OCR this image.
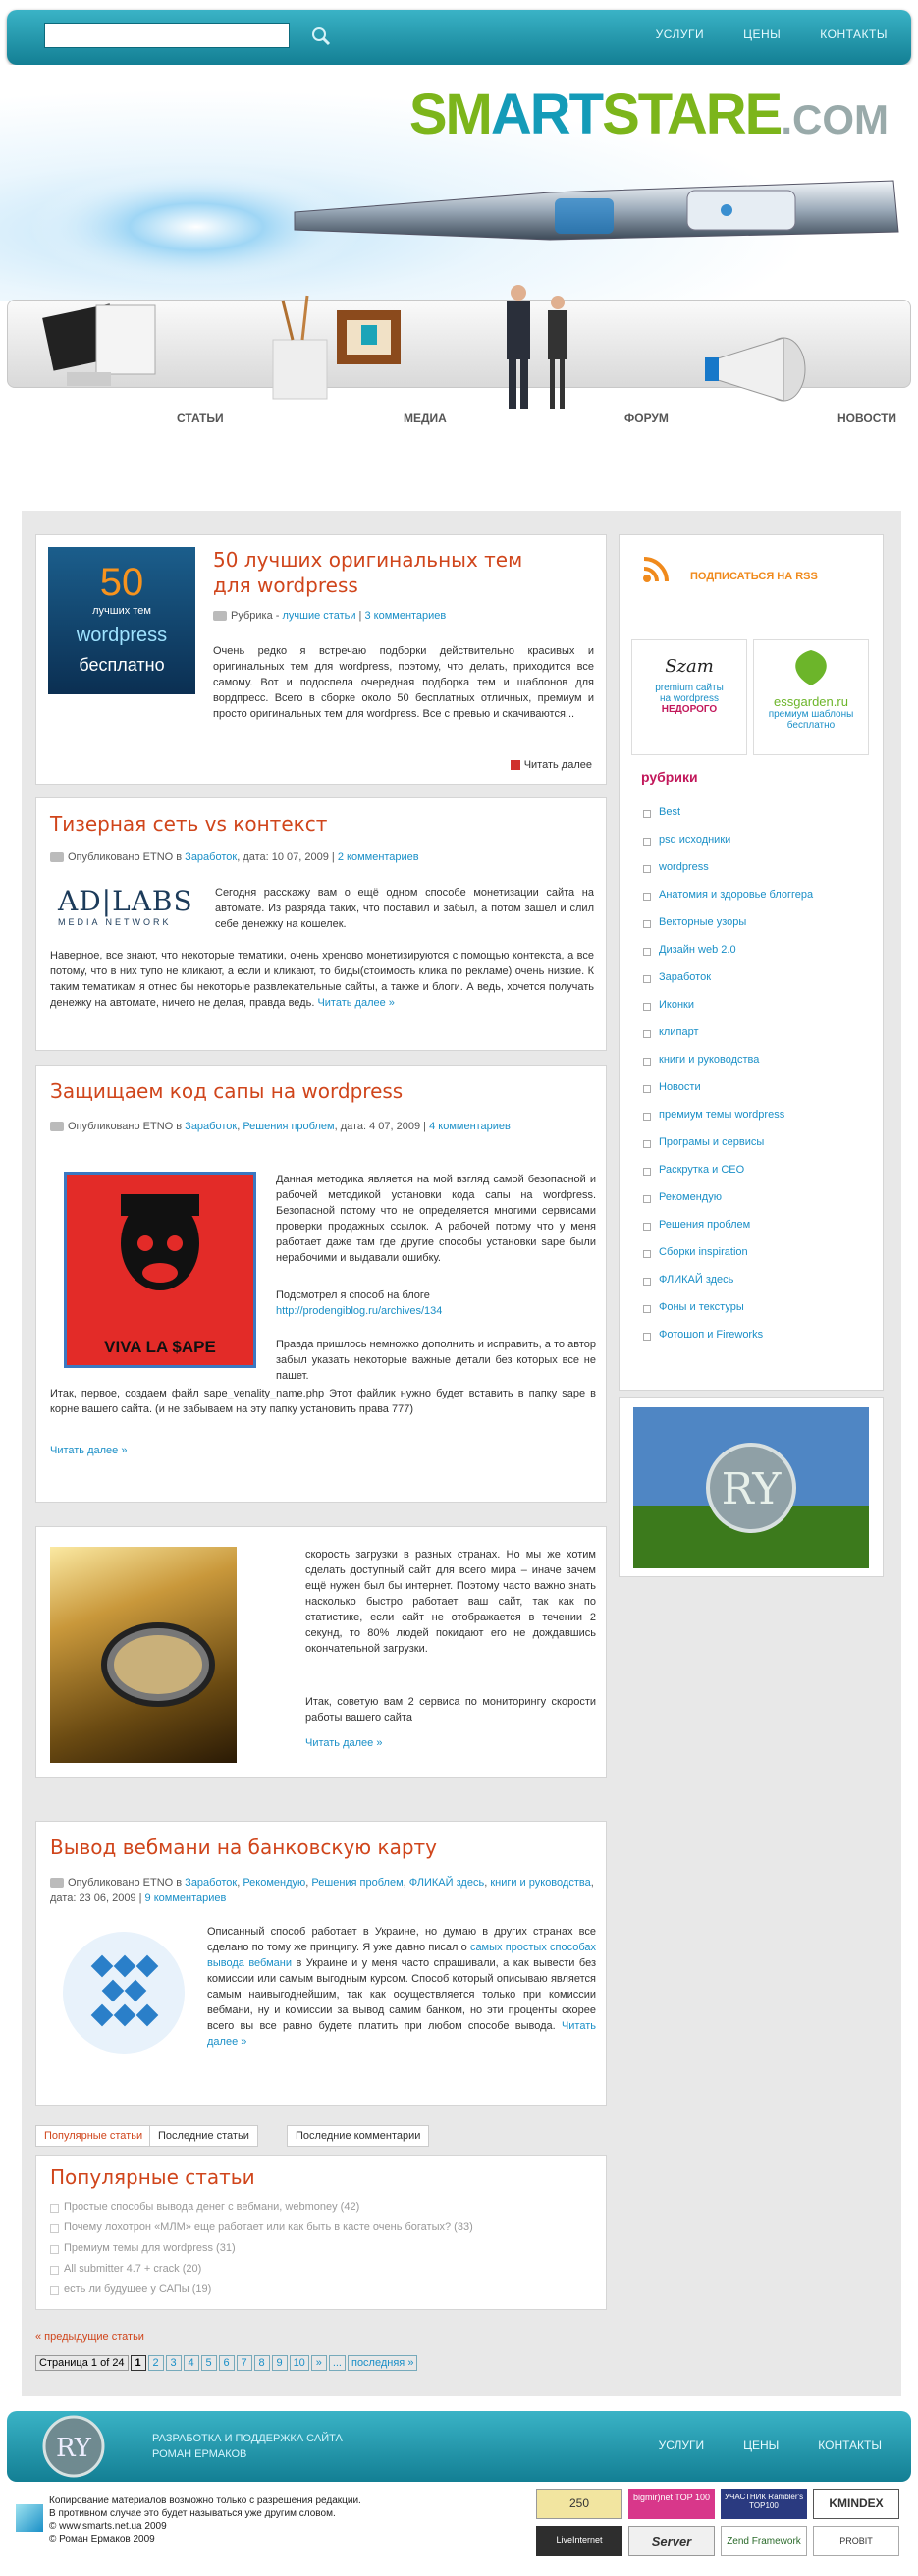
УСЛУГИ	ЦЕНЫ	КОНТАКТЫ
SMARTSTARE.COM
СТАТЬИ	МЕДИА	ФОРУМ	НОВОСТИ
50
лучших тем
wordpress
бесплатно
50 лучших оригинальных тем для wordpress
Рубрика - лучшие статьи | 3 комментариев
Очень редко я встречаю подборки действительно красивых и оригинальных тем для wordpress, поэтому, что делать, приходится все самому. Вот и подоспела очередная подборка тем и шаблонов для вордпресс. Всего в сборке около 50 бесплатных отличных, премиум и просто оригинальных тем для wordpress. Все с превью и скачиваются...
Читать далее
Тизерная сеть vs контекст
Опубликовано ETNO в Заработок, дата: 10 07, 2009 | 2 комментариев
AD|LABS
MEDIA NETWORK
Сегодня расскажу вам о ещё одном способе монетизации сайта на автомате. Из разряда таких, что поставил и забыл, а потом зашел и слил себе денежку на кошелек.
Наверное, все знают, что некоторые тематики, очень хреново монетизируются с помощью контекста, а все потому, что в них тупо не кликают, а если и кликают, то биды(стоимость клика по рекламе) очень низкие. К таким тематикам я отнес бы некоторые развлекательные сайты, а также и блоги. А ведь, хочется получать денежку на автомате, ничего не делая, правда ведь. Читать далее »
Защищаем код сапы на wordpress
Опубликовано ETNO в Заработок, Решения проблем, дата: 4 07, 2009 | 4 комментариев
VIVA LA $APE
Данная методика является на мой взгляд самой безопасной и рабочей методикой установки кода сапы на wordpress. Безопасной потому что не определяется многими сервисами проверки продажных ссылок. А рабочей потому что у меня работает даже там где другие способы установки sape были нерабочими и выдавали ошибку.
Подсмотрел я способ на блоге
http://prodengiblog.ru/archives/134
Правда пришлось немножко дополнить и исправить, а то автор забыл указать некоторые важные детали без которых все не пашет.
Итак, первое, создаем файл sape_venality_name.php Этот файлик нужно будет вставить в папку sape в корне вашего сайта. (и не забываем на эту папку установить права 777)
Читать далее »
скорость загрузки в разных странах. Но мы же хотим сделать доступный сайт для всего мира – иначе зачем ещё нужен был бы интернет. Поэтому часто важно знать насколько быстро работает ваш сайт, так как по статистике, если сайт не отображается в течении 2 секунд, то 80% людей покидают его не дождавшись окончательной загрузки.
Итак, советую вам 2 сервиса по мониторингу скорости работы вашего сайта
Читать далее »
Вывод вебмани на банковскую карту
Опубликовано ETNO в Заработок, Рекомендую, Решения проблем, ФЛИКАЙ здесь, книги и руководства, дата: 23 06, 2009 | 9 комментариев
Описанный способ работает в Украине, но думаю в других странах все сделано по тому же принципу. Я уже давно писал о самых простых способах вывода вебмани в Украине и у меня часто спрашивали, а как вывести без комиссии или самым выгодным курсом. Способ который описываю является самым наивыгоднейшим, так как осуществляется только при комиссии вебмани, ну и комиссии за вывод самим банком, но эти проценты скорее всего вы все равно будете платить при любом способе вывода. Читать далее »
ПОДПИСАТЬСЯ НА RSS
Szam
premium сайты
на wordpress
НЕДОРОГО
essgarden.ru
премиум шаблоны
бесплатно
рубрики
Best
psd исходники
wordpress
Анатомия и здоровье блоггера
Векторные узоры
Дизайн web 2.0
Заработок
Иконки
клипарт
книги и руководства
Новости
премиум темы wordpress
Програмы и сервисы
Раскрутка и СЕО
Рекомендую
Решения проблем
Сборки inspiration
ФЛИКАЙ здесь
Фоны и текстуры
Фотошоп и Fireworks
RY
Популярные статьи	Последние статьи	Последние комментарии
Популярные статьи
Простые способы вывода денег с вебмани, webmoney (42)
Почему лохотрон «МЛМ» еще работает или как быть в касте очень богатых? (33)
Премиум темы для wordpress (31)
All submitter 4.7 + crack (20)
есть ли будущее у САПы (19)
« предыдущие статьи
Страница 1 of 24 1 2 3 4 5 6 7 8 9 10 » ... последняя »
RY	РАЗРАБОТКА И ПОДДЕРЖКА САЙТА
РОМАН ЕРМАКОВ
УСЛУГИ	ЦЕНЫ	КОНТАКТЫ
Копирование материалов возможно только с разрешения редакции.
В противном случае это будет называться уже другим словом.
© www.smarts.net.ua 2009
© Роман Ермаков 2009
250	bigmir)net TOP 100	УЧАСТНИК Rambler's TOP100	KMINDEX
LiveInternet	Server	Zend Framework	PROBIT
